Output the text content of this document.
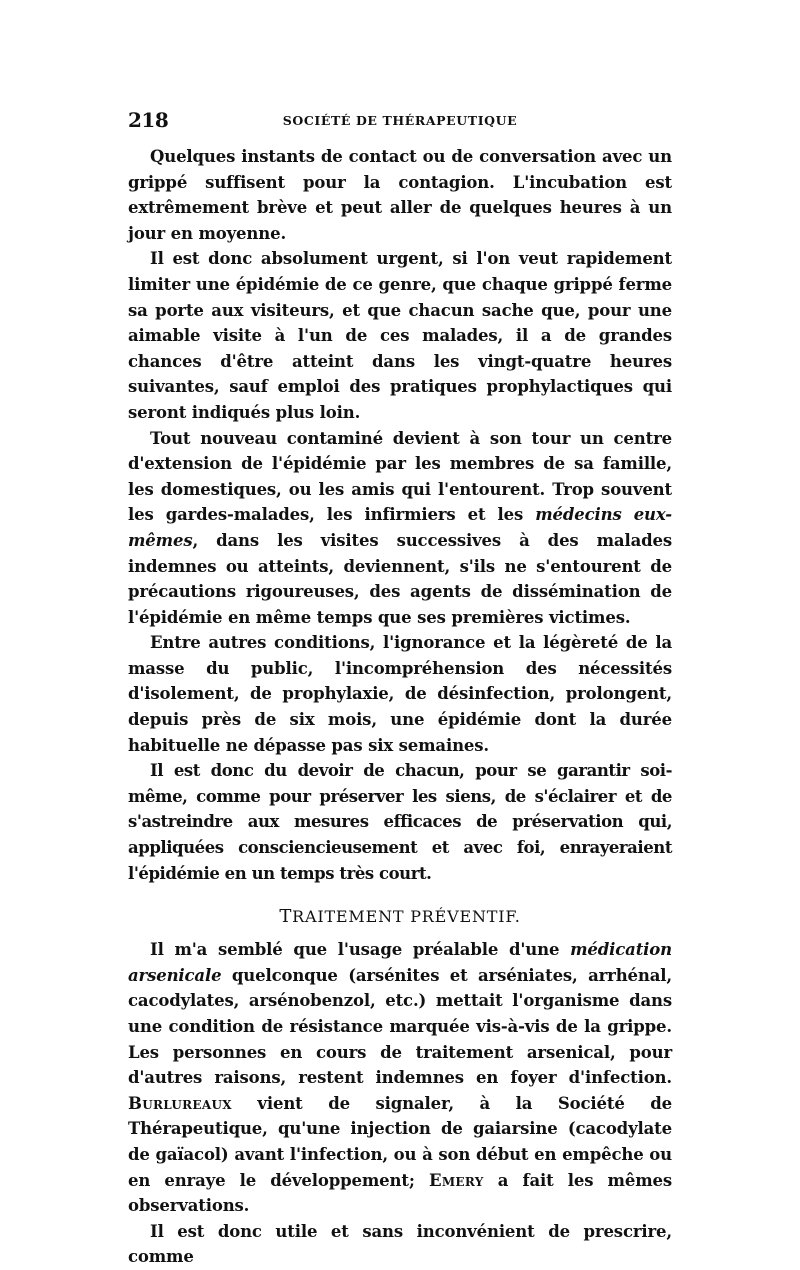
218	SOCIÉTÉ DE THÉRAPEUTIQUE

Quelques instants de contact ou de conversation avec un grippé suffisent pour la contagion. L'incubation est extrêmement brève et peut aller de quelques heures à un jour en moyenne.

Il est donc absolument urgent, si l'on veut rapidement limiter une épidémie de ce genre, que chaque grippé ferme sa porte aux visiteurs, et que chacun sache que, pour une aimable visite à l'un de ces malades, il a de grandes chances d'être atteint dans les vingt-quatre heures suivantes, sauf emploi des pratiques prophylactiques qui seront indiqués plus loin.

Tout nouveau contaminé devient à son tour un centre d'extension de l'épidémie par les membres de sa famille, les domestiques, ou les amis qui l'entourent. Trop souvent les gardes-malades, les infirmiers et les médecins eux-mêmes, dans les visites successives à des malades indemnes ou atteints, deviennent, s'ils ne s'entourent de précautions rigoureuses, des agents de dissémination de l'épidémie en même temps que ses premières victimes.

Entre autres conditions, l'ignorance et la légèreté de la masse du public, l'incompréhension des nécessités d'isolement, de prophylaxie, de désinfection, prolongent, depuis près de six mois, une épidémie dont la durée habituelle ne dépasse pas six semaines.

Il est donc du devoir de chacun, pour se garantir soi-même, comme pour préserver les siens, de s'éclairer et de s'astreindre aux mesures efficaces de préservation qui, appliquées consciencieusement et avec foi, enrayeraient l'épidémie en un temps très court.

TRAITEMENT PRÉVENTIF.

Il m'a semblé que l'usage préalable d'une médication arsenicale quelconque (arsénites et arséniates, arrhénal, cacodylates, arsénobenzol, etc.) mettait l'organisme dans une condition de résistance marquée vis-à-vis de la grippe. Les personnes en cours de traitement arsenical, pour d'autres raisons, restent indemnes en foyer d'infection. Burlureaux vient de signaler, à la Société de Thérapeutique, qu'une injection de gaiarsine (cacodylate de gaïacol) avant l'infection, ou à son début en empêche ou en enraye le développement; Emery a fait les mêmes observations.

Il est donc utile et sans inconvénient de prescrire, comme
